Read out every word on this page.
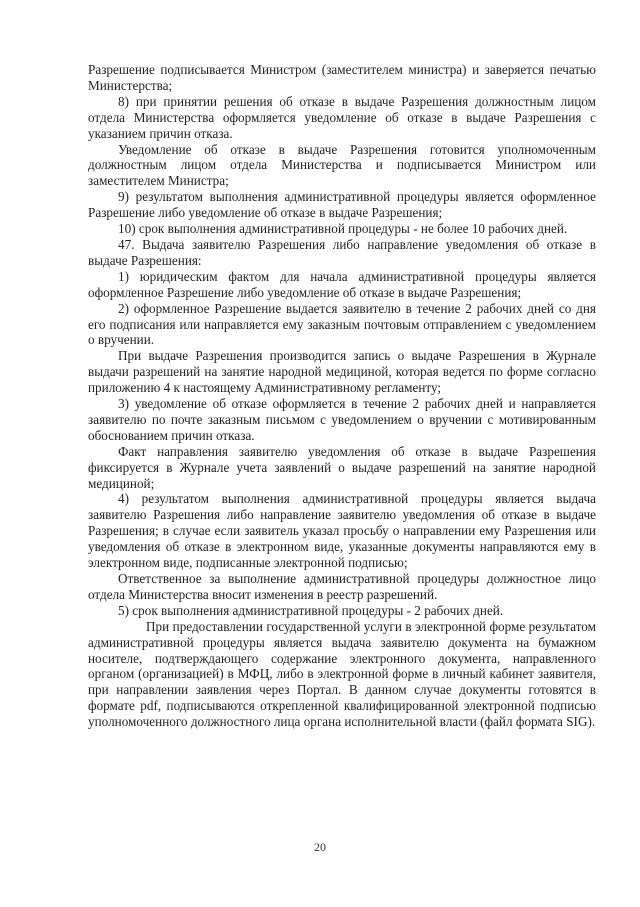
Разрешение подписывается Министром (заместителем министра) и заверяется печатью Министерства;

8) при принятии решения об отказе в выдаче Разрешения должностным лицом отдела Министерства оформляется уведомление об отказе в выдаче Разрешения с указанием причин отказа.

Уведомление об отказе в выдаче Разрешения готовится уполномоченным должностным лицом отдела Министерства и подписывается Министром или заместителем Министра;

9) результатом выполнения административной процедуры является оформленное Разрешение либо уведомление об отказе в выдаче Разрешения;

10) срок выполнения административной процедуры - не более 10 рабочих дней.

47. Выдача заявителю Разрешения либо направление уведомления об отказе в выдаче Разрешения:

1) юридическим фактом для начала административной процедуры является оформленное Разрешение либо уведомление об отказе в выдаче Разрешения;

2) оформленное Разрешение выдается заявителю в течение 2 рабочих дней со дня его подписания или направляется ему заказным почтовым отправлением с уведомлением о вручении.

При выдаче Разрешения производится запись о выдаче Разрешения в Журнале выдачи разрешений на занятие народной медициной, которая ведется по форме согласно приложению 4 к настоящему Административному регламенту;

3) уведомление об отказе оформляется в течение 2 рабочих дней и направляется заявителю по почте заказным письмом с уведомлением о вручении с мотивированным обоснованием причин отказа.

Факт направления заявителю уведомления об отказе в выдаче Разрешения фиксируется в Журнале учета заявлений о выдаче разрешений на занятие народной медициной;

4) результатом выполнения административной процедуры является выдача заявителю Разрешения либо направление заявителю уведомления об отказе в выдаче Разрешения; в случае если заявитель указал просьбу о направлении ему Разрешения или уведомления об отказе в электронном виде, указанные документы направляются ему в электронном виде, подписанные электронной подписью;

Ответственное за выполнение административной процедуры должностное лицо отдела Министерства вносит изменения в реестр разрешений.

5) срок выполнения административной процедуры - 2 рабочих дней.

При предоставлении государственной услуги в электронной форме результатом административной процедуры является выдача заявителю документа на бумажном носителе, подтверждающего содержание электронного документа, направленного органом (организацией) в МФЦ, либо в электронной форме в личный кабинет заявителя, при направлении заявления через Портал. В данном случае документы готовятся в формате pdf, подписываются открепленной квалифицированной электронной подписью уполномоченного должностного лица органа исполнительной власти (файл формата SIG).

20
